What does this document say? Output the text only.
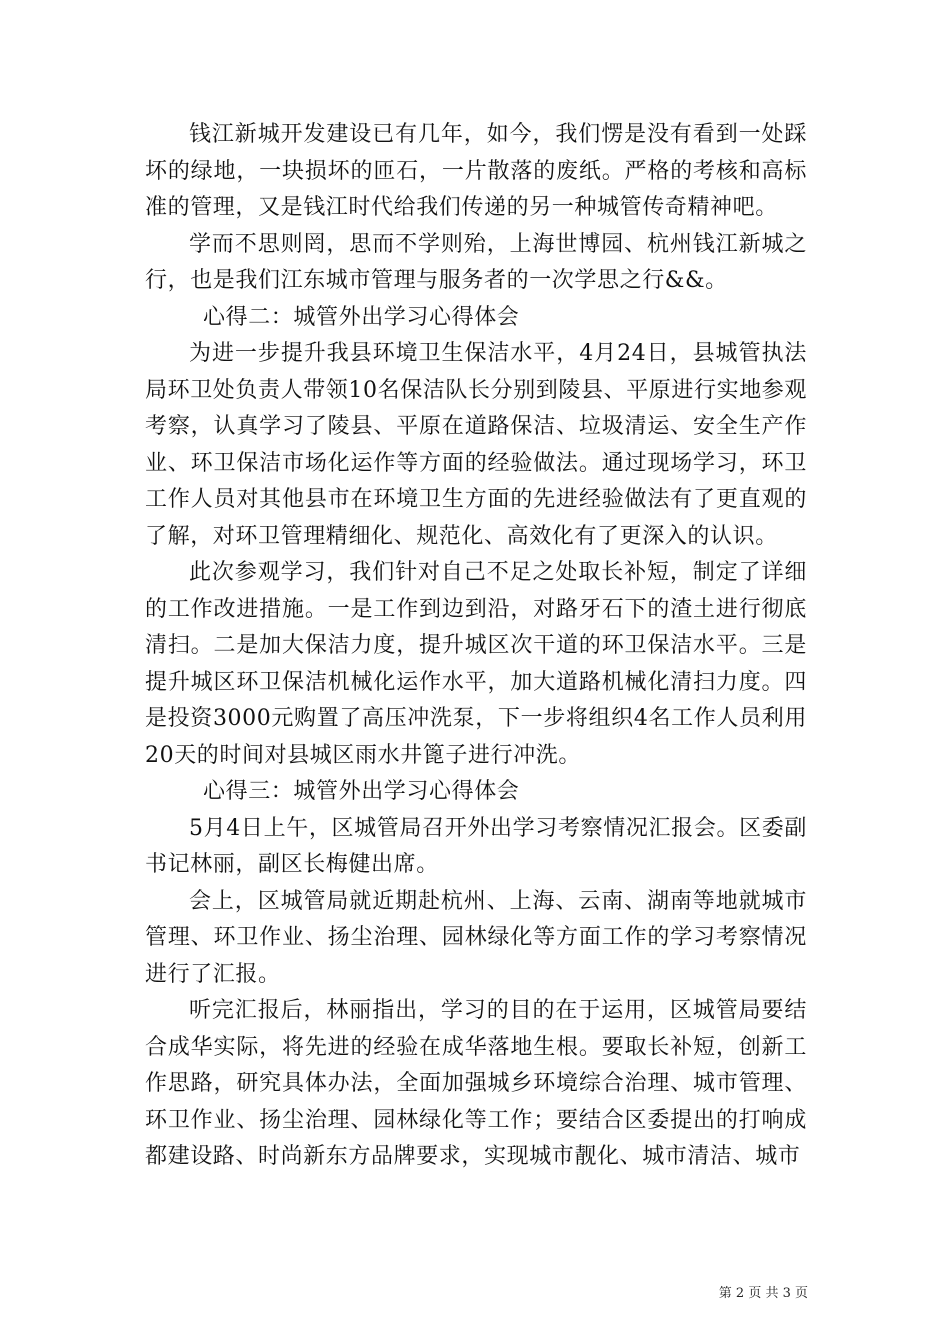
钱江新城开发建设已有几年，如今，我们愣是没有看到一处踩坏的绿地，一块损坏的匝石，一片散落的废纸。严格的考核和高标准的管理，又是钱江时代给我们传递的另一种城管传奇精神吧。

学而不思则罔，思而不学则殆，上海世博园、杭州钱江新城之行，也是我们江东城市管理与服务者的一次学思之行&&。

心得二：城管外出学习心得体会

为进一步提升我县环境卫生保洁水平，4月24日，县城管执法局环卫处负责人带领10名保洁队长分别到陵县、平原进行实地参观考察，认真学习了陵县、平原在道路保洁、垃圾清运、安全生产作业、环卫保洁市场化运作等方面的经验做法。通过现场学习，环卫工作人员对其他县市在环境卫生方面的先进经验做法有了更直观的了解，对环卫管理精细化、规范化、高效化有了更深入的认识。

此次参观学习，我们针对自己不足之处取长补短，制定了详细的工作改进措施。一是工作到边到沿，对路牙石下的渣土进行彻底清扫。二是加大保洁力度，提升城区次干道的环卫保洁水平。三是提升城区环卫保洁机械化运作水平，加大道路机械化清扫力度。四是投资3000元购置了高压冲洗泵，下一步将组织4名工作人员利用20天的时间对县城区雨水井篦子进行冲洗。

心得三：城管外出学习心得体会

5月4日上午，区城管局召开外出学习考察情况汇报会。区委副书记林丽，副区长梅健出席。

会上，区城管局就近期赴杭州、上海、云南、湖南等地就城市管理、环卫作业、扬尘治理、园林绿化等方面工作的学习考察情况进行了汇报。

听完汇报后，林丽指出，学习的目的在于运用，区城管局要结合成华实际，将先进的经验在成华落地生根。要取长补短，创新工作思路，研究具体办法，全面加强城乡环境综合治理、城市管理、环卫作业、扬尘治理、园林绿化等工作；要结合区委提出的打响成都建设路、时尚新东方品牌要求，实现城市靓化、城市清洁、城市

第 2 页 共 3 页
